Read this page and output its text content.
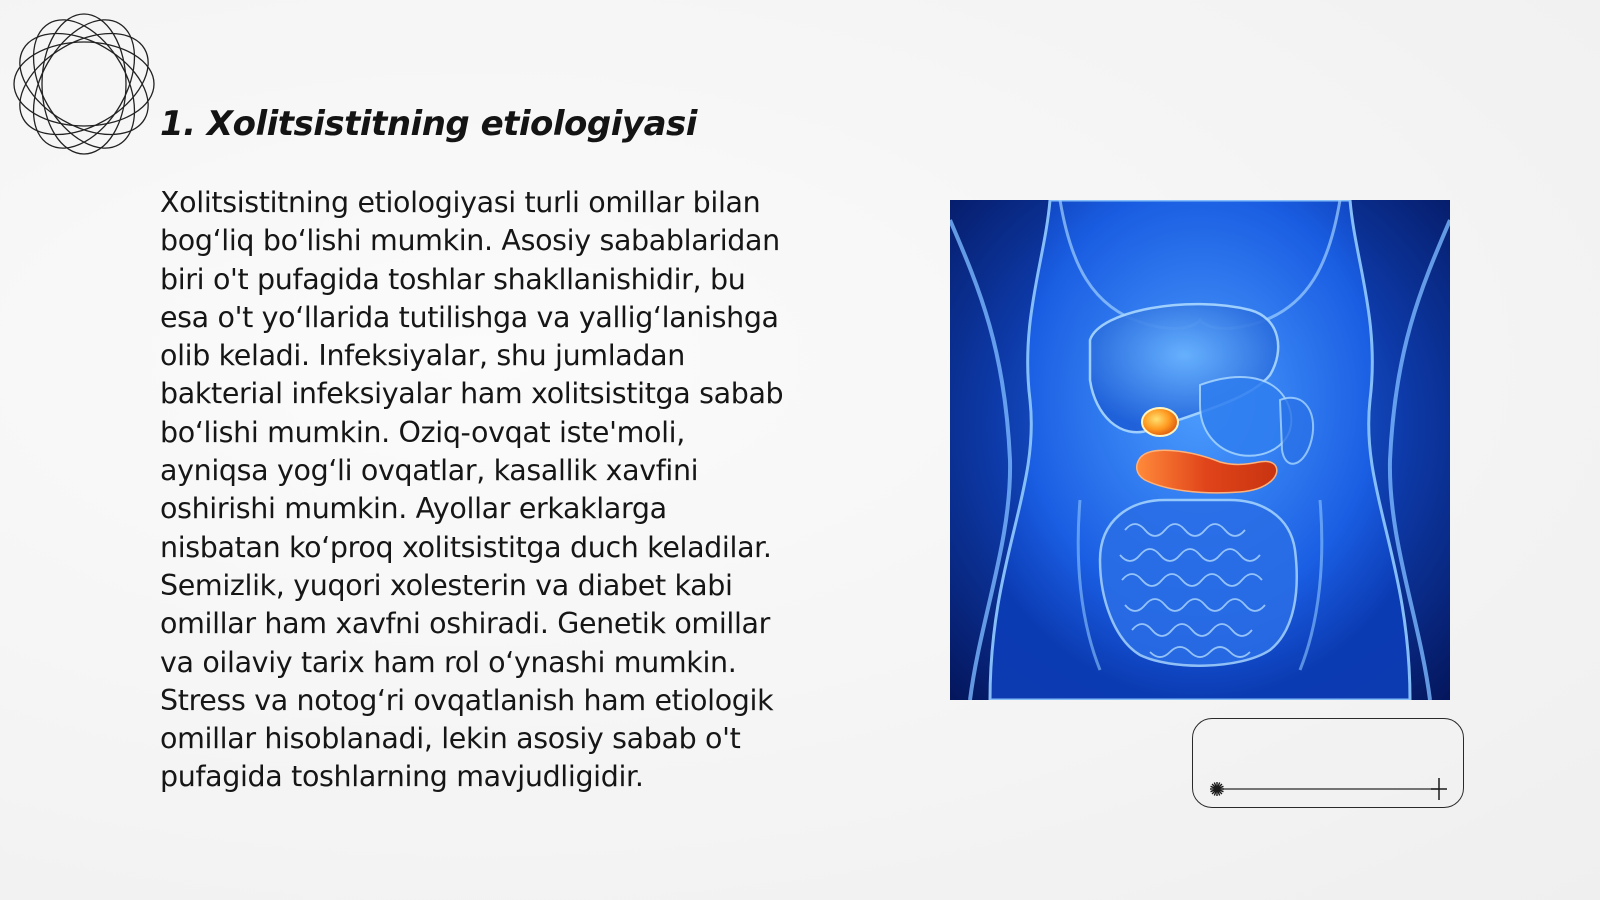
1. Xolitsistitning etiologiyasi
Xolitsistitning etiologiyasi turli omillar bilan
bog‘liq bo‘lishi mumkin. Asosiy sabablaridan
biri o't pufagida toshlar shakllanishidir, bu
esa o't yo‘llarida tutilishga va yallig‘lanishga
olib keladi. Infeksiyalar, shu jumladan
bakterial infeksiyalar ham xolitsistitga sabab
bo‘lishi mumkin. Oziq-ovqat iste'moli,
ayniqsa yog‘li ovqatlar, kasallik xavfini
oshirishi mumkin. Ayollar erkaklarga
nisbatan ko‘proq xolitsistitga duch keladilar.
Semizlik, yuqori xolesterin va diabet kabi
omillar ham xavfni oshiradi. Genetik omillar
va oilaviy tarix ham rol o‘ynashi mumkin.
Stress va notog‘ri ovqatlanish ham etiologik
omillar hisoblanadi, lekin asosiy sabab o't
pufagida toshlarning mavjudligidir.
